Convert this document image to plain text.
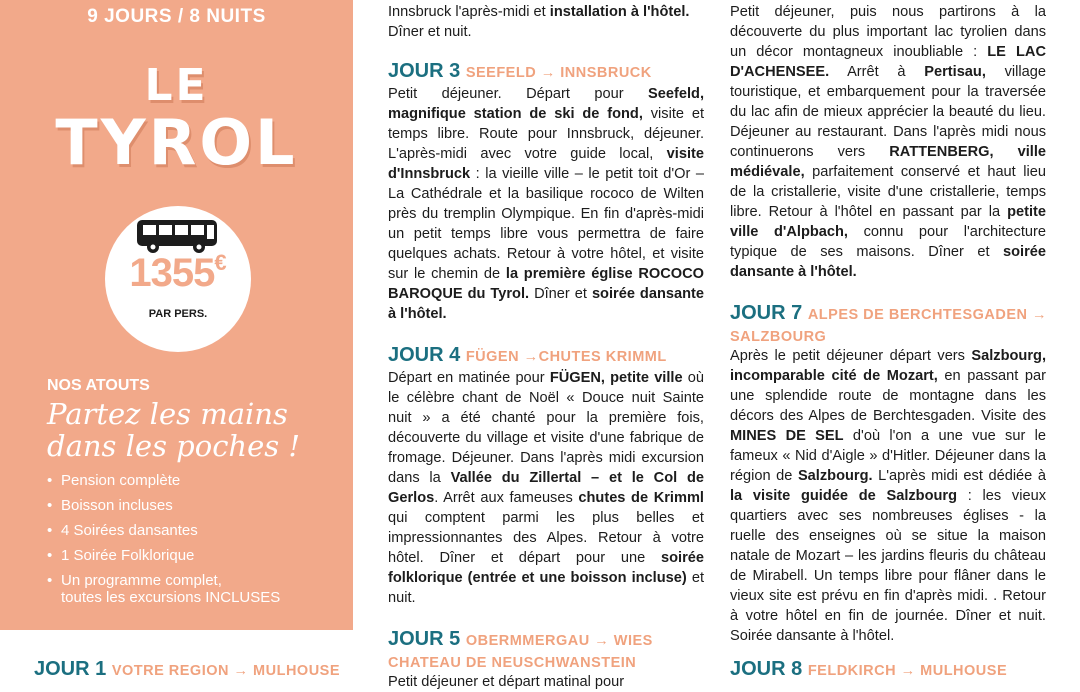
9 JOURS / 8 NUITS
LE
TYROL
1355€
PAR PERS.
NOS ATOUTS
Partez les mains
dans les poches !
• Pension complète
• Boisson incluses
• 4 Soirées dansantes
• 1 Soirée Folklorique
• Un programme complet,
toutes les excursions INCLUSES
JOUR 1 VOTRE REGION → MULHOUSE

Innsbruck l'après-midi et installation à l'hôtel.
Dîner et nuit.

JOUR 3 SEEFELD → INNSBRUCK

Petit déjeuner. Départ pour Seefeld, magnifique station de ski de fond, visite et temps libre. Route pour Innsbruck, déjeuner. L'après-midi avec votre guide local, visite d'Innsbruck : la vieille ville – le petit toit d'Or – La Cathédrale et la basilique rococo de Wilten près du tremplin Olympique. En fin d'après-midi un petit temps libre vous permettra de faire quelques achats. Retour à votre hôtel, et visite sur le chemin de la première église ROCOCO BAROQUE du Tyrol. Dîner et soirée dansante à l'hôtel.

JOUR 4 FÜGEN →CHUTES KRIMML

Départ en matinée pour FÜGEN, petite ville où le célèbre chant de Noël « Douce nuit Sainte nuit » a été chanté pour la première fois, découverte du village et visite d'une fabrique de fromage. Déjeuner. Dans l'après midi excursion dans la Vallée du Zillertal – et le Col de Gerlos. Arrêt aux fameuses chutes de Krimml qui comptent parmi les plus belles et impressionnantes des Alpes. Retour à votre hôtel. Dîner et départ pour une soirée folklorique (entrée et une boisson incluse) et nuit.

JOUR 5 OBERMMERGAU → WIES
CHATEAU DE NEUSCHWANSTEIN

Petit déjeuner et départ matinal pour

Petit déjeuner, puis nous partirons à la découverte du plus important lac tyrolien dans un décor montagneux inoubliable : LE LAC D'ACHENSEE. Arrêt à Pertisau, village touristique, et embarquement pour la traversée du lac afin de mieux apprécier la beauté du lieu. Déjeuner au restaurant. Dans l'après midi nous continuerons vers RATTENBERG, ville médiévale, parfaitement conservé et haut lieu de la cristallerie, visite d'une cristallerie, temps libre. Retour à l'hôtel en passant par la petite ville d'Alpbach, connu pour l'architecture typique de ses maisons. Dîner et soirée dansante à l'hôtel.

JOUR 7 ALPES DE BERCHTESGADEN →
SALZBOURG

Après le petit déjeuner départ vers Salzbourg, incomparable cité de Mozart, en passant par une splendide route de montagne dans les décors des Alpes de Berchtesgaden. Visite des MINES DE SEL d'où l'on a une vue sur le fameux « Nid d'Aigle » d'Hitler. Déjeuner dans la région de Salzbourg. L'après midi est dédiée à la visite guidée de Salzbourg : les vieux quartiers avec ses nombreuses églises - la ruelle des enseignes où se situe la maison natale de Mozart – les jardins fleuris du château de Mirabell. Un temps libre pour flâner dans le vieux site est prévu en fin d'après midi. . Retour à votre hôtel en fin de journée. Dîner et nuit. Soirée dansante à l'hôtel.

JOUR 8 FELDKIRCH → MULHOUSE
